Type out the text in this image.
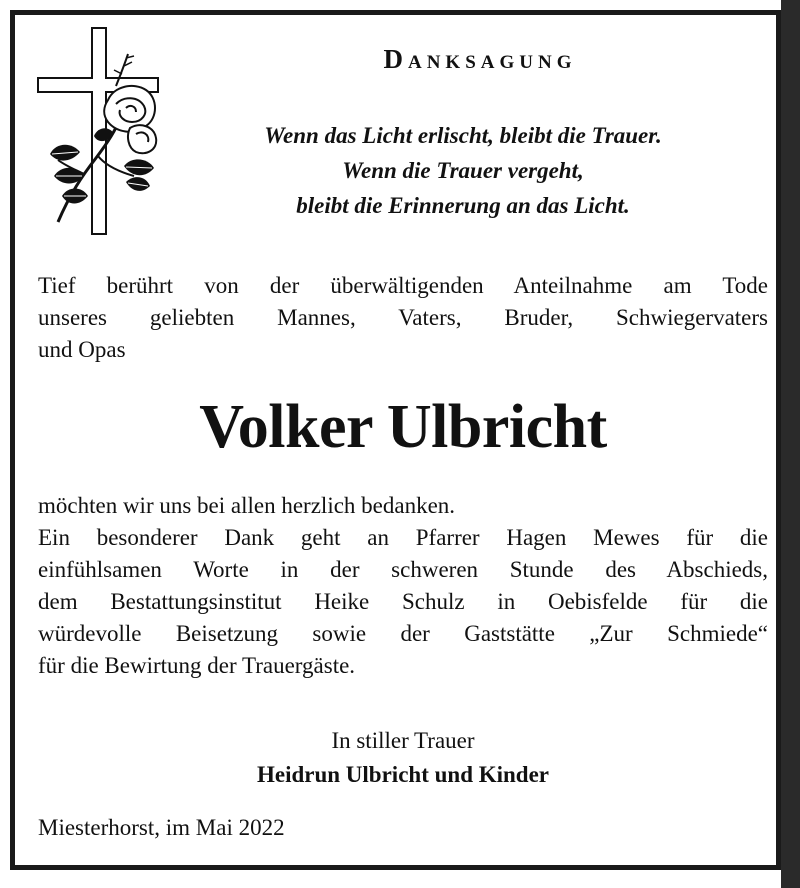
Danksagung
Wenn das Licht erlischt, bleibt die Trauer.
Wenn die Trauer vergeht,
bleibt die Erinnerung an das Licht.
Tief berührt von der überwältigenden Anteilnahme am Tode
unseres geliebten Mannes, Vaters, Bruder, Schwiegervaters
und Opas
Volker Ulbricht
möchten wir uns bei allen herzlich bedanken.
Ein besonderer Dank geht an Pfarrer Hagen Mewes für die
einfühlsamen Worte in der schweren Stunde des Abschieds,
dem Bestattungsinstitut Heike Schulz in Oebisfelde für die
würdevolle Beisetzung sowie der Gaststätte „Zur Schmiede“
für die Bewirtung der Trauergäste.
In stiller Trauer
Heidrun Ulbricht und Kinder
Miesterhorst, im Mai 2022
